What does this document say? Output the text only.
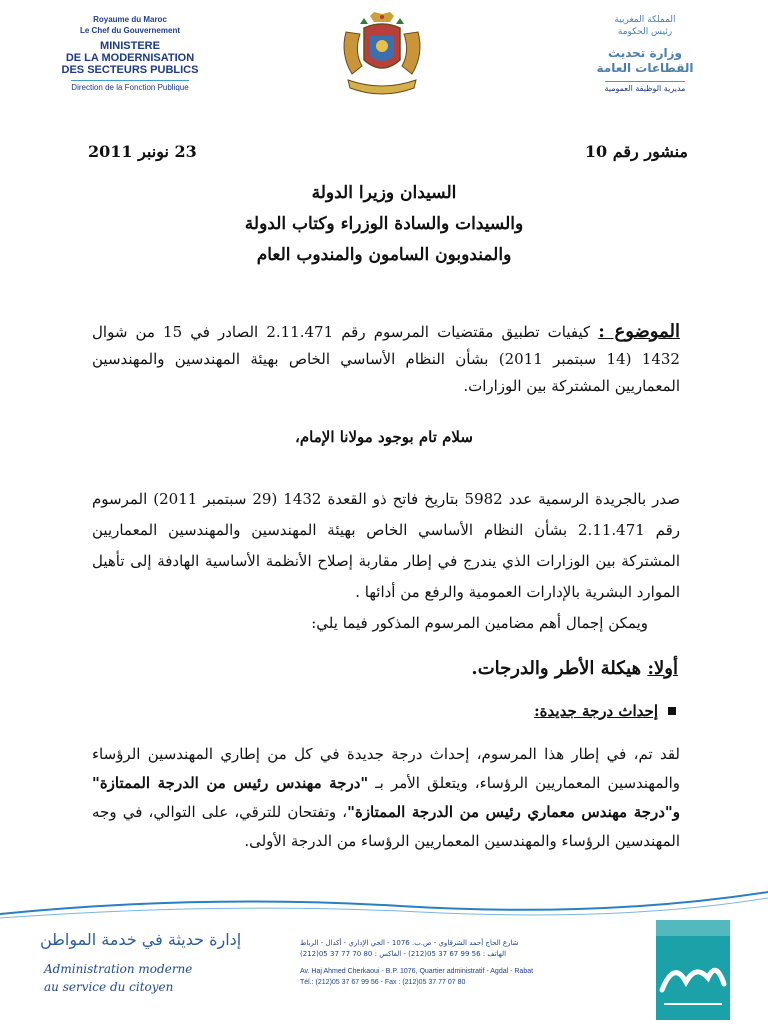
Royaume du Maroc
Le Chef du Gouvernement
MINISTERE
DE LA MODERNISATION
DES SECTEURS PUBLICS
Direction de la Fonction Publique
المملكة المغربية
رئيس الحكومة
وزارة تحديث
القطاعات العامة
مديرية الوظيفة العمومية
منشور رقم 10
23 نونبر 2011
السيدان وزيرا الدولة
والسيدات والسادة الوزراء وكتاب الدولة
والمندوبون السامون والمندوب العام
الموضوع : كيفيات تطبيق مقتضيات المرسوم رقم 2.11.471 الصادر في 15 من شوال 1432 (14 سبتمبر 2011) بشأن النظام الأساسي الخاص بهيئة المهندسين والمهندسين المعماريين المشتركة بين الوزارات.
سلام تام بوجود مولانا الإمام،
صدر بالجريدة الرسمية عدد 5982 بتاريخ فاتح ذو القعدة 1432 (29 سبتمبر 2011) المرسوم رقم 2.11.471 بشأن النظام الأساسي الخاص بهيئة المهندسين والمهندسين المعماريين المشتركة بين الوزارات الذي يندرج في إطار مقاربة إصلاح الأنظمة الأساسية الهادفة إلى تأهيل الموارد البشرية بالإدارات العمومية والرفع من أدائها .
ويمكن إجمال أهم مضامين المرسوم المذكور فيما يلي:
أولا: هيكلة الأطر والدرجات.
إحداث درجة جديدة:
لقد تم، في إطار هذا المرسوم، إحداث درجة جديدة في كل من إطاري المهندسين الرؤساء والمهندسين المعماريين الرؤساء، ويتعلق الأمر بـ "درجة مهندس رئيس من الدرجة الممتازة" و"درجة مهندس معماري رئيس من الدرجة الممتازة"، وتفتحان للترقي، على التوالي، في وجه المهندسين الرؤساء والمهندسين المعماريين الرؤساء من الدرجة الأولى.
إدارة حديثة في خدمة المواطن
Administration moderne
au service du citoyen
شارع الحاج أحمد الشرقاوي - ص.ب. 1076 - الحي الإداري - أكدال - الرباط
الهاتف : 56 99 67 37 05(212) - الفاكس : 80 70 77 37 05(212)
Av. Haj Ahmed Cherkaoui - B.P. 1076, Quartier administratif - Agdal - Rabat
Tél.: (212)05 37 67 99 56 - Fax : (212)05 37 77 07 80
